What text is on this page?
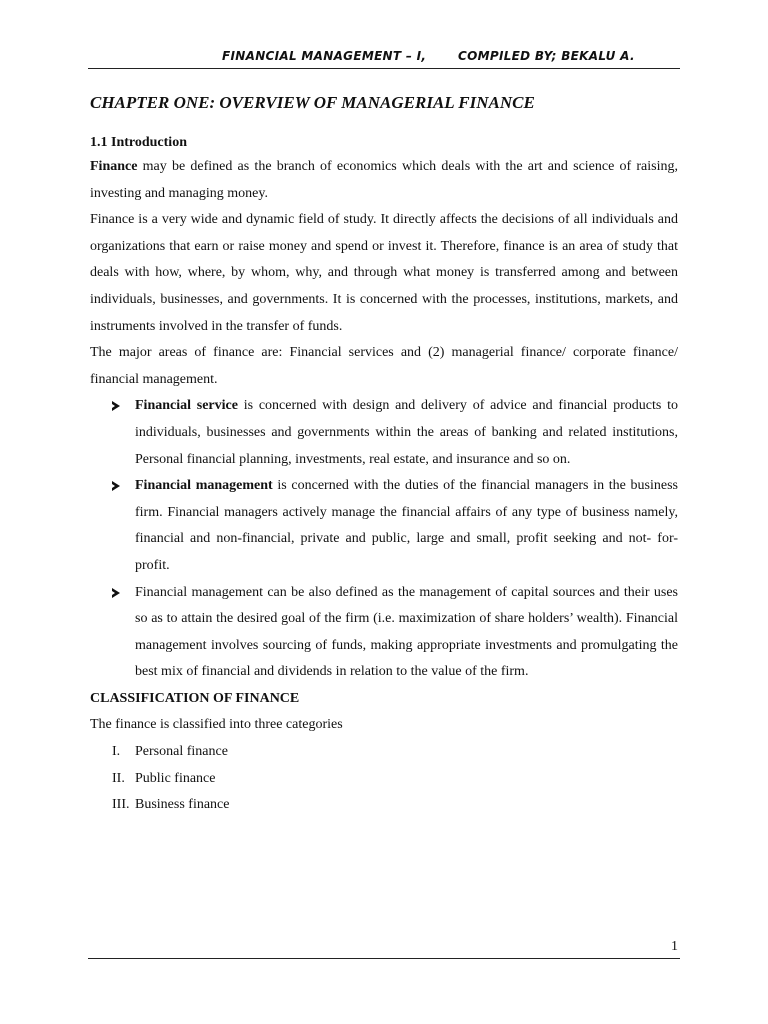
FINANCIAL MANAGEMENT – I,	COMPILED BY; BEKALU A.
CHAPTER ONE: OVERVIEW OF MANAGERIAL FINANCE
1.1 Introduction

Finance may be defined as the branch of economics which deals with the art and science of raising, investing and managing money.

Finance is a very wide and dynamic field of study. It directly affects the decisions of all individuals and organizations that earn or raise money and spend or invest it. Therefore, finance is an area of study that deals with how, where, by whom, why, and through what money is transferred among and between individuals, businesses, and governments. It is concerned with the processes, institutions, markets, and instruments involved in the transfer of funds.

The major areas of finance are: Financial services and (2) managerial finance/ corporate finance/ financial management.

Financial service is concerned with design and delivery of advice and financial products to individuals, businesses and governments within the areas of banking and related institutions, Personal financial planning, investments, real estate, and insurance and so on.
Financial management is concerned with the duties of the financial managers in the business firm. Financial managers actively manage the financial affairs of any type of business namely, financial and non-financial, private and public, large and small, profit seeking and not- for- profit.
Financial management can be also defined as the management of capital sources and their uses so as to attain the desired goal of the firm (i.e. maximization of share holders’ wealth). Financial management involves sourcing of funds, making appropriate investments and promulgating the best mix of financial and dividends in relation to the value of the firm.

CLASSIFICATION OF FINANCE

The finance is classified into three categories

I. Personal finance
II. Public finance
III. Business finance
1
